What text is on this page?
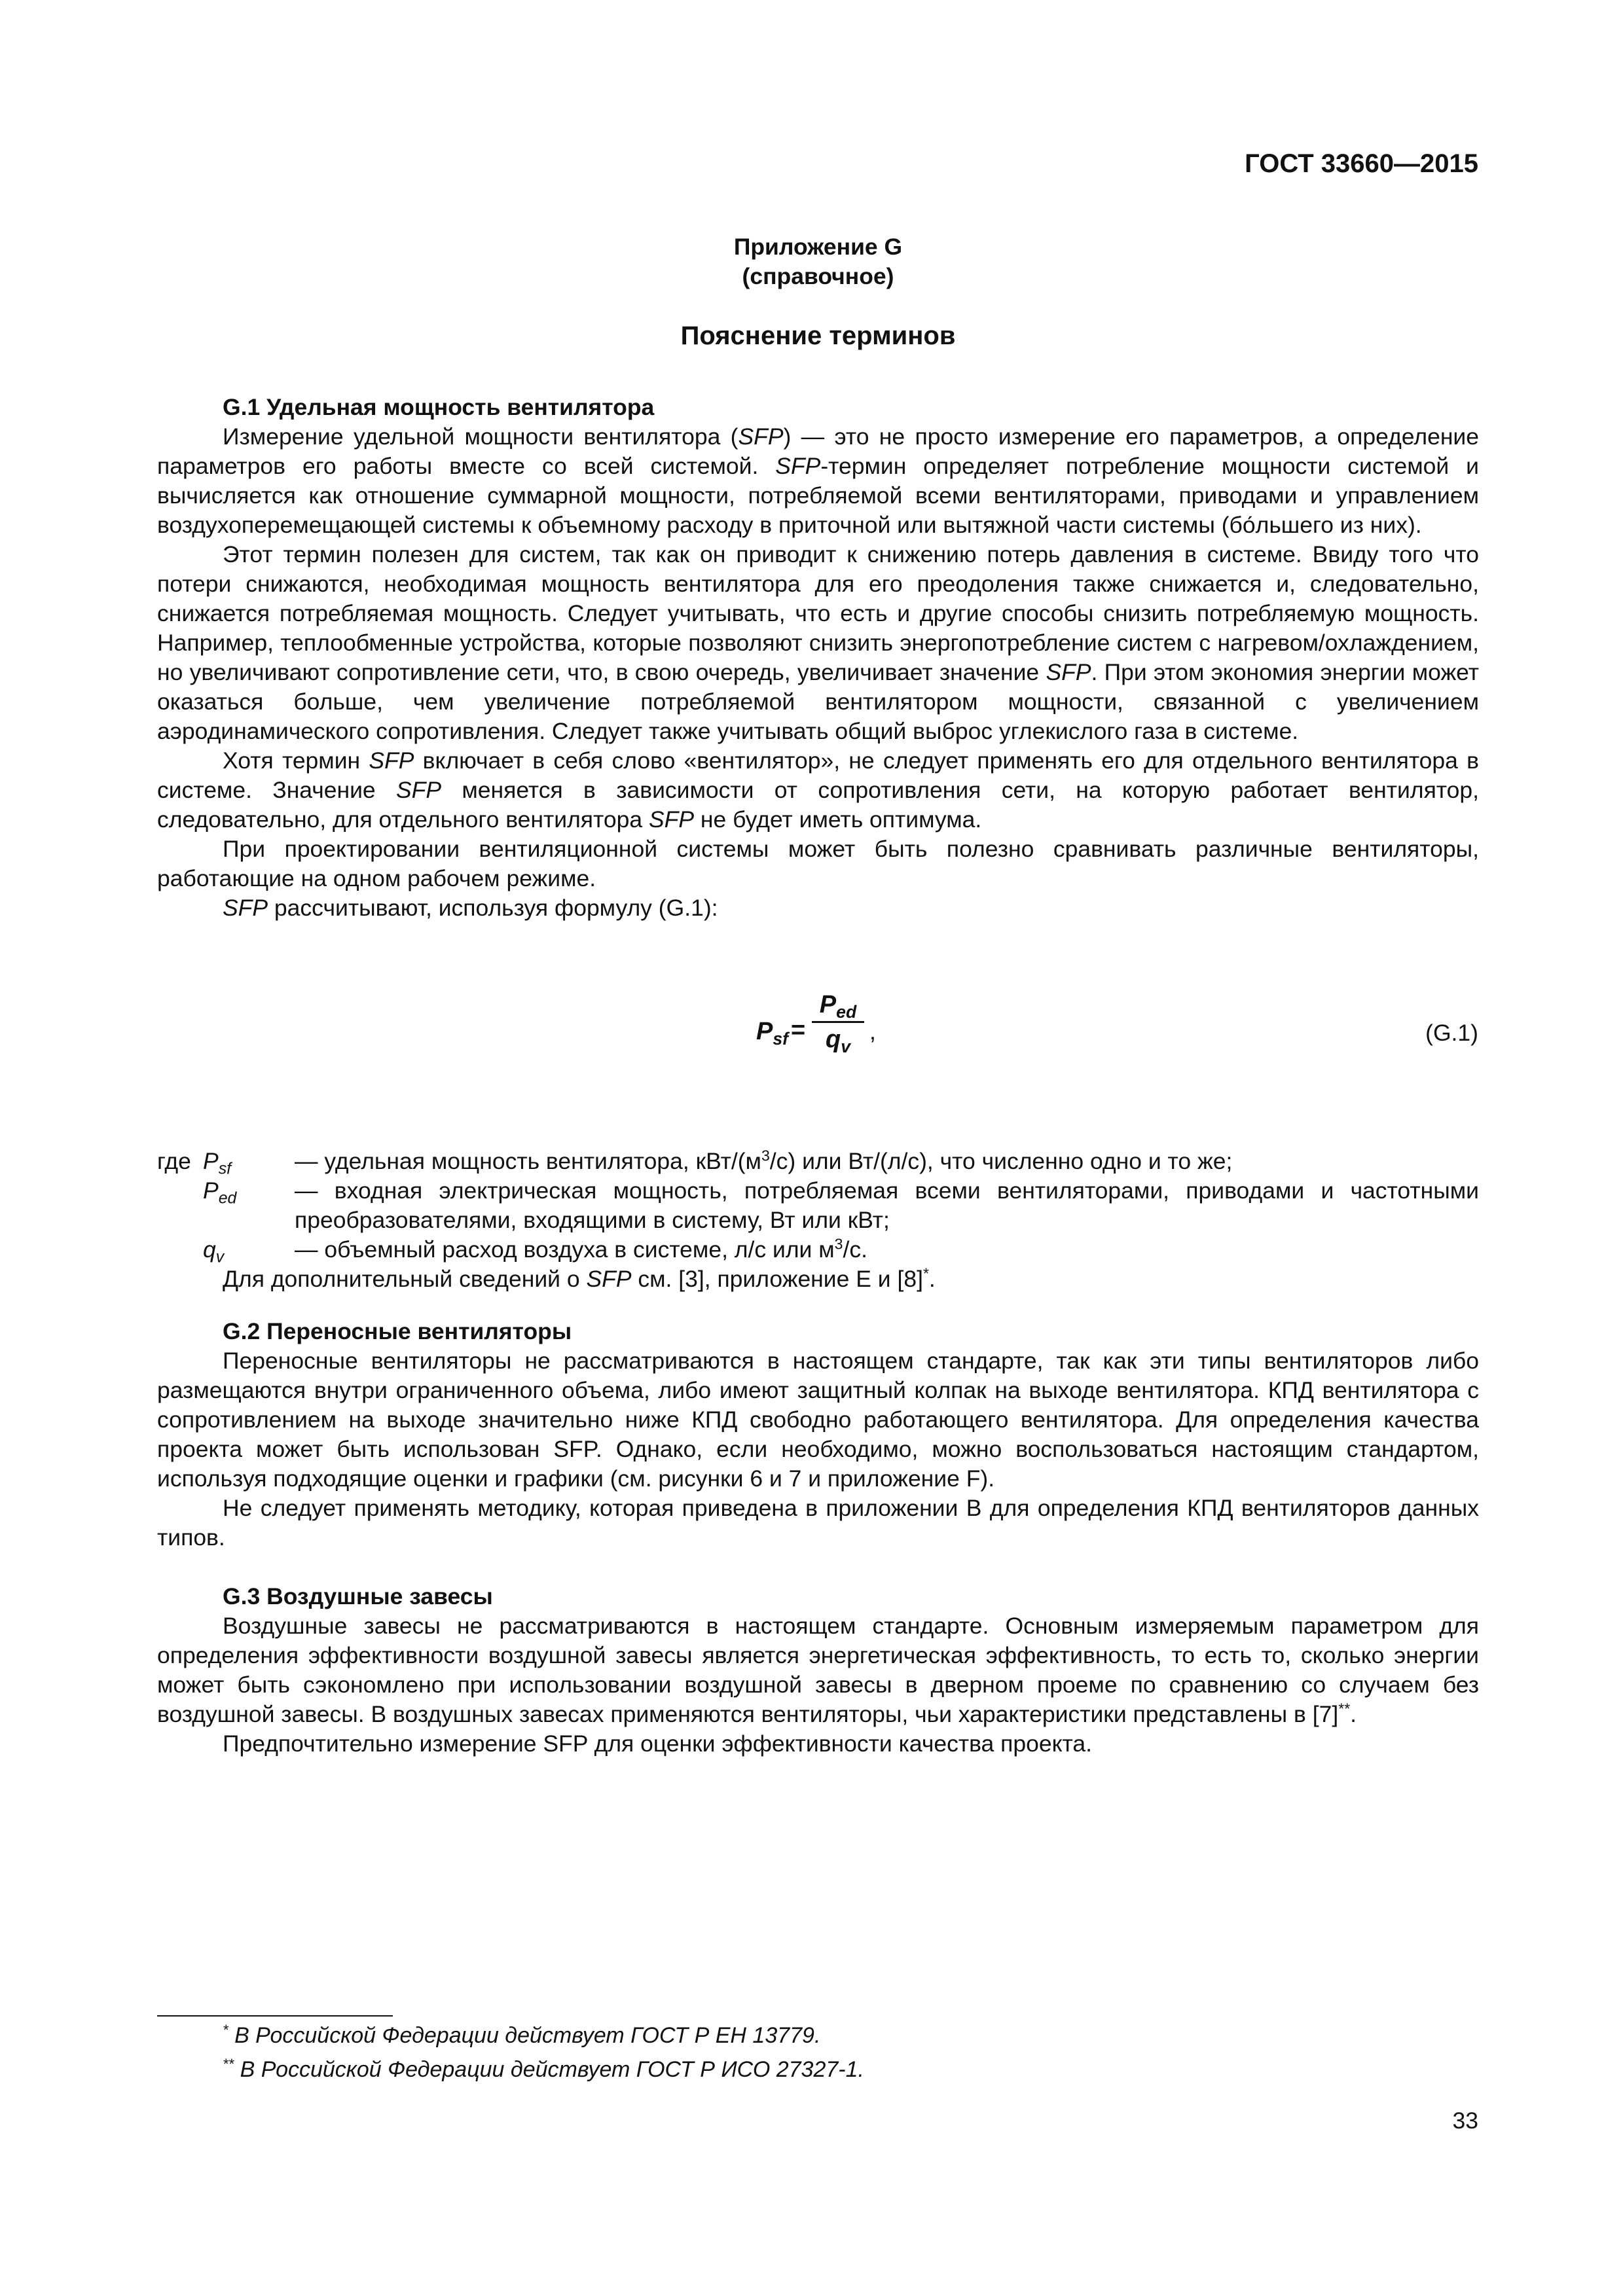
ГОСТ 33660—2015
Приложение G
(справочное)
Пояснение терминов

G.1 Удельная мощность вентилятора

Измерение удельной мощности вентилятора (SFP) — это не просто измерение его параметров, а определение параметров его работы вместе со всей системой. SFP-термин определяет потребление мощности системой и вычисляется как отношение суммарной мощности, потребляемой всеми вентиляторами, приводами и управлением воздухоперемещающей системы к объемному расходу в приточной или вытяжной части системы (бо́льшего из них).

Этот термин полезен для систем, так как он приводит к снижению потерь давления в системе. Ввиду того что потери снижаются, необходимая мощность вентилятора для его преодоления также снижается и, следовательно, снижается потребляемая мощность. Следует учитывать, что есть и другие способы снизить потребляемую мощность. Например, теплообменные устройства, которые позволяют снизить энергопотребление систем с нагревом/охлаждением, но увеличивают сопротивление сети, что, в свою очередь, увеличивает значение SFP. При этом экономия энергии может оказаться больше, чем увеличение потребляемой вентилятором мощности, связанной с увеличением аэродинамического сопротивления. Следует также учитывать общий выброс углекислого газа в системе.

Хотя термин SFP включает в себя слово «вентилятор», не следует применять его для отдельного вентилятора в системе. Значение SFP меняется в зависимости от сопротивления сети, на которую работает вентилятор, следовательно, для отдельного вентилятора SFP не будет иметь оптимума.

При проектировании вентиляционной системы может быть полезно сравнивать различные вентиляторы, работающие на одном рабочем режиме.

SFP рассчитывают, используя формулу (G.1):

$P_{sf}$ =
$P_{ed}$
$q_v$
,	(G.1)
где $P_{sf}$	— удельная мощность вентилятора, кВт/$(м^3/с)$ или Вт/(л/с), что численно одно и то же;
$P_{ed}$ — входная электрическая мощность, потребляемая всеми вентиляторами, приводами и частотными преобразователями, входящими в систему, Вт или кВт;
$q_v$	— объемный расход воздуха в системе, л/с или $м^3/с$.

Для дополнительный сведений о SFP см. [3], приложение Е и [8]*.

G.2 Переносные вентиляторы

Переносные вентиляторы не рассматриваются в настоящем стандарте, так как эти типы вентиляторов либо размещаются внутри ограниченного объема, либо имеют защитный колпак на выходе вентилятора. КПД вентилятора с сопротивлением на выходе значительно ниже КПД свободно работающего вентилятора. Для определения качества проекта может быть использован SFP. Однако, если необходимо, можно воспользоваться настоящим стандартом, используя подходящие оценки и графики (см. рисунки 6 и 7 и приложение F).

Не следует применять методику, которая приведена в приложении В для определения КПД вентиляторов данных типов.

G.3 Воздушные завесы

Воздушные завесы не рассматриваются в настоящем стандарте. Основным измеряемым параметром для определения эффективности воздушной завесы является энергетическая эффективность, то есть то, сколько энергии может быть сэкономлено при использовании воздушной завесы в дверном проеме по сравнению со случаем без воздушной завесы. В воздушных завесах применяются вентиляторы, чьи характеристики представлены в [7]**.

Предпочтительно измерение SFP для оценки эффективности качества проекта.

* В Российской Федерации действует ГОСТ Р ЕН 13779.
** В Российской Федерации действует ГОСТ Р ИСО 27327-1.
33
